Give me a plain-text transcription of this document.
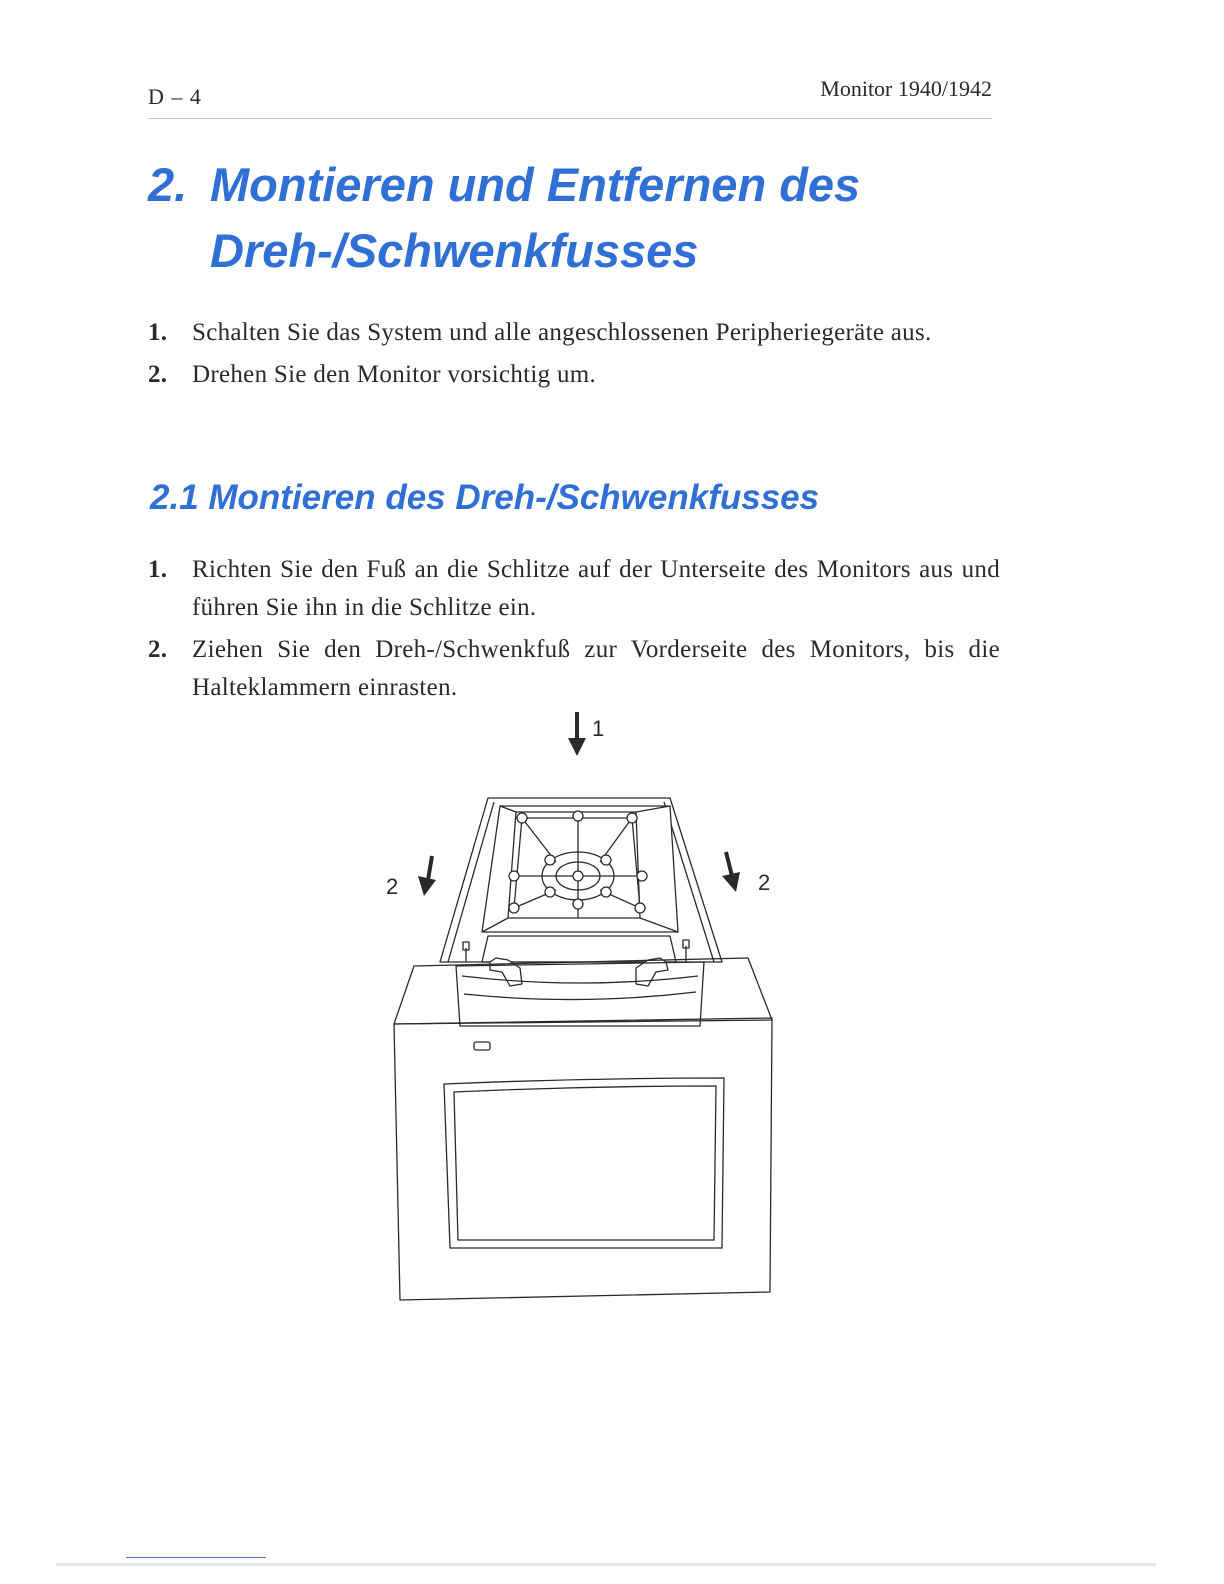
D – 4	Monitor 1940/1942
2. Montieren und Entfernen des
Dreh-/Schwenkfusses
1. Schalten Sie das System und alle angeschlossenen Peripheriegeräte aus.
2. Drehen Sie den Monitor vorsichtig um.
2.1 Montieren des Dreh-/Schwenkfusses
1. Richten Sie den Fuß an die Schlitze auf der Unterseite des Monitors aus und führen Sie ihn in die Schlitze ein.
2. Ziehen Sie den Dreh-/Schwenkfuß zur Vorderseite des Monitors, bis die Halteklammern einrasten.
1
2	2
